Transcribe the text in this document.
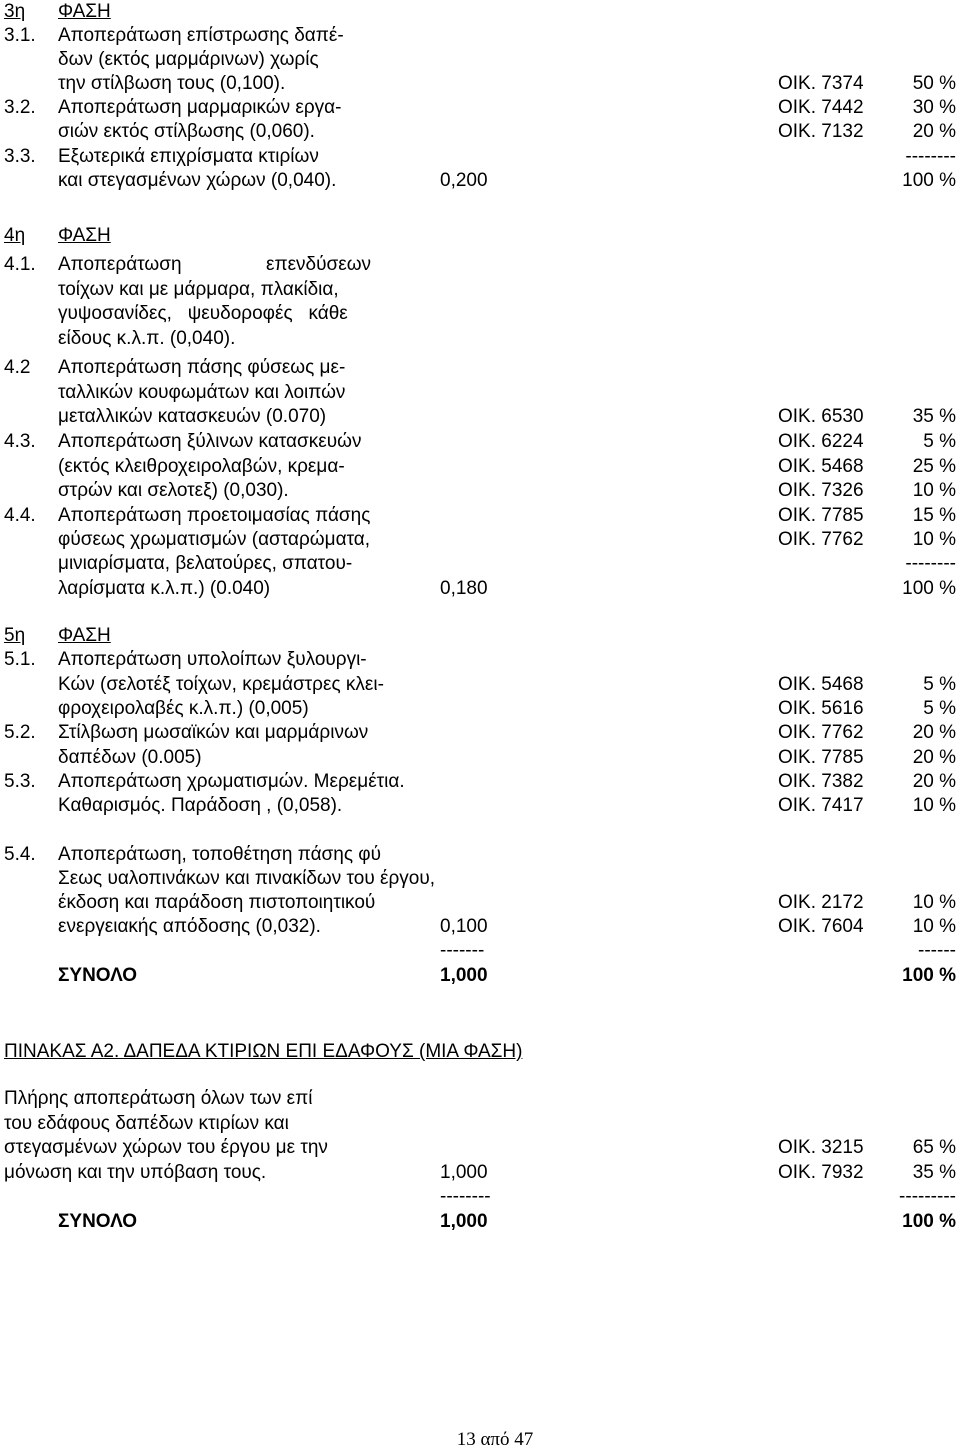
3η ΦΑΣΗ
3.1. Αποπεράτωση επίστρωσης δαπέ-
δων (εκτός μαρμάρινων) χωρίς
την στίλβωση τους (0,100).	ΟΙΚ. 7374	50 %
3.2. Αποπεράτωση μαρμαρικών εργα-	ΟΙΚ. 7442	30 %
σιών εκτός στίλβωσης (0,060).	ΟΙΚ. 7132	20 %
3.3. Εξωτερικά επιχρίσματα κτιρίων	--------
και στεγασμένων χώρων (0,040).	0,200	100 %
4η ΦΑΣΗ
4.1. Αποπεράτωση                επενδύσεων
τοίχων και με μάρμαρα, πλακίδια,
γυψοσανίδες,   ψευδοροφές   κάθε
είδους κ.λ.π. (0,040).
4.2 Αποπεράτωση πάσης φύσεως με-
ταλλικών κουφωμάτων και λοιπών
μεταλλικών κατασκευών (0.070)	ΟΙΚ. 6530	35 %
4.3. Αποπεράτωση ξύλινων κατασκευών	ΟΙΚ. 6224	5 %
(εκτός κλειθροχειρολαβών, κρεμα-	ΟΙΚ. 5468	25 %
στρών και σελοτεξ) (0,030).	ΟΙΚ. 7326	10 %
4.4. Αποπεράτωση προετοιμασίας πάσης	ΟΙΚ. 7785	15 %
φύσεως χρωματισμών (ασταρώματα,	ΟΙΚ. 7762	10 %
μινιαρίσματα, βελατούρες, σπατου-	--------
λαρίσματα κ.λ.π.) (0.040)	0,180	100 %
5η ΦΑΣΗ
5.1. Αποπεράτωση υπολοίπων ξυλουργι-
Κών (σελοτέξ τοίχων, κρεμάστρες κλει-	ΟΙΚ. 5468	5 %
φροχειρολαβές κ.λ.π.) (0,005)	ΟΙΚ. 5616	5 %
5.2. Στίλβωση μωσαϊκών και μαρμάρινων	ΟΙΚ. 7762	20 %
δαπέδων (0.005)	ΟΙΚ. 7785	20 %
5.3. Αποπεράτωση χρωματισμών. Μερεμέτια.	ΟΙΚ. 7382	20 %
Καθαρισμός. Παράδοση , (0,058).	ΟΙΚ. 7417	10 %
5.4. Αποπεράτωση, τοποθέτηση πάσης φύ
Σεως υαλοπινάκων και πινακίδων του έργου,
έκδοση και παράδοση πιστοποιητικού	ΟΙΚ. 2172	10 %
ενεργειακής απόδοσης (0,032).	0,100	ΟΙΚ. 7604	10 %
-------	------
ΣΥΝΟΛΟ	1,000	100 %
ΠΙΝΑΚΑΣ Α2. ΔΑΠΕΔΑ ΚΤΙΡΙΩΝ ΕΠΙ ΕΔΑΦΟΥΣ (ΜΙΑ ΦΑΣΗ)
Πλήρης αποπεράτωση όλων των επί
του εδάφους δαπέδων κτιρίων και
στεγασμένων χώρων του έργου με την	ΟΙΚ. 3215	65 %
μόνωση και την υπόβαση τους.	1,000	ΟΙΚ. 7932	35 %
--------	---------
ΣΥΝΟΛΟ	1,000	100 %
13 από 47
